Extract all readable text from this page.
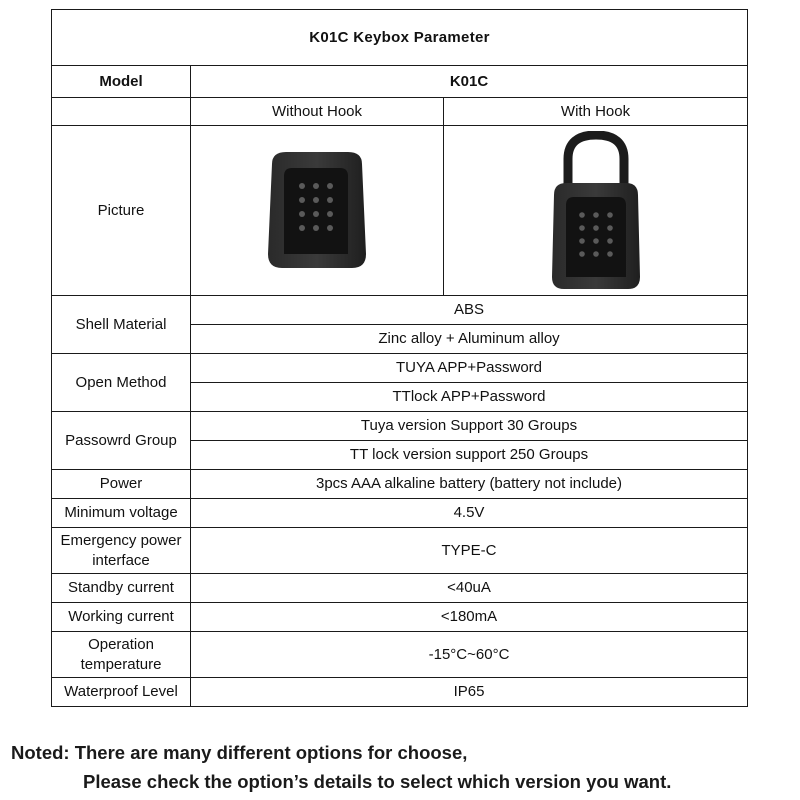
K01C Keybox Parameter		
Model	K01C	
	Without Hook	With Hook
Picture	

Shell Material	ABS	
	Zinc alloy + Aluminum alloy	
Open Method	TUYA APP+Password	
	TTlock APP+Password	
Passowrd Group	Tuya version Support 30 Groups	
	TT lock version support 250 Groups	
Power	3pcs AAA alkaline battery (battery not include)	
Minimum voltage	4.5V	
Emergency power interface	TYPE-C	
Standby current	<40uA	
Working current	<180mA	
Operation temperature	-15°C~60°C	
Waterproof Level	IP65	
Noted: There are many different options for choose,
Please check the option’s details to select which version you want.
